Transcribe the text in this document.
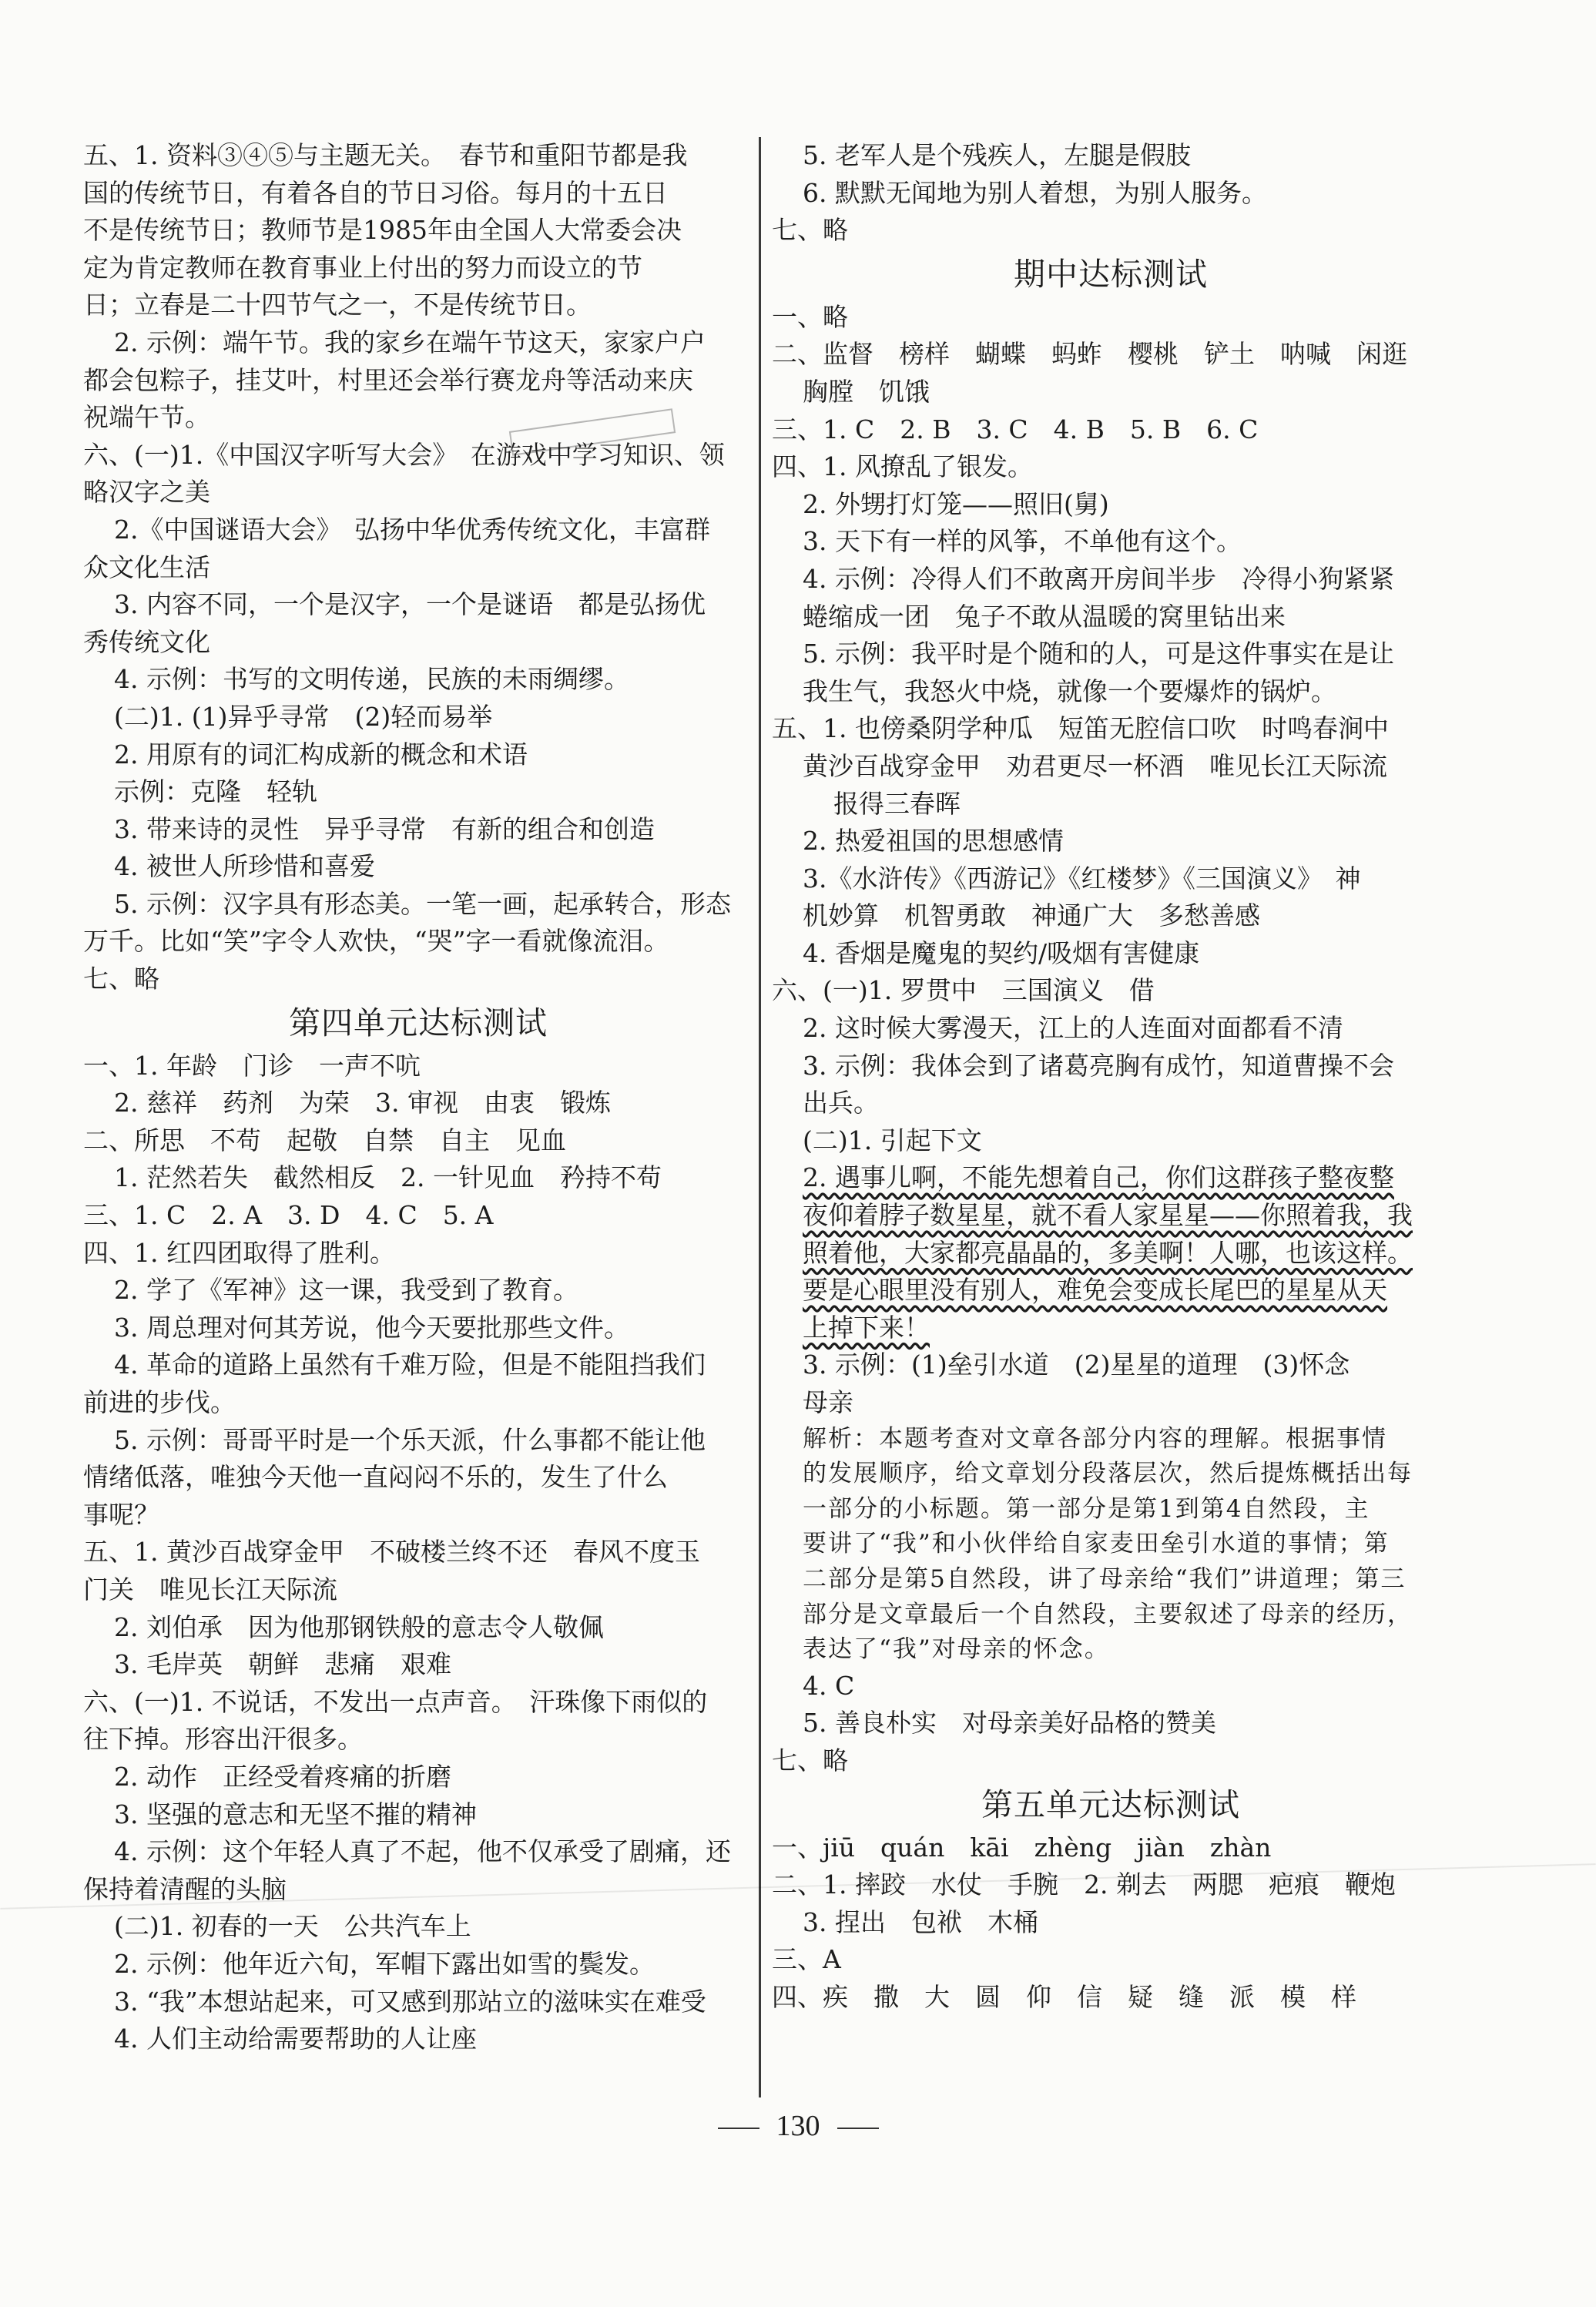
五、1. 资料③④⑤与主题无关。　春节和重阳节都是我
国的传统节日，有着各自的节日习俗。每月的十五日
不是传统节日；教师节是1985年由全国人大常委会决
定为肯定教师在教育事业上付出的努力而设立的节
日；立春是二十四节气之一，不是传统节日。
2. 示例：端午节。我的家乡在端午节这天，家家户户
都会包粽子，挂艾叶，村里还会举行赛龙舟等活动来庆
祝端午节。
六、(一)1.《中国汉字听写大会》　在游戏中学习知识、领
略汉字之美
2.《中国谜语大会》　弘扬中华优秀传统文化，丰富群
众文化生活
3. 内容不同，一个是汉字，一个是谜语　都是弘扬优
秀传统文化
4. 示例：书写的文明传递，民族的未雨绸缪。
(二)1. (1)异乎寻常　(2)轻而易举
2. 用原有的词汇构成新的概念和术语
示例：克隆　轻轨
3. 带来诗的灵性　异乎寻常　有新的组合和创造
4. 被世人所珍惜和喜爱
5. 示例：汉字具有形态美。一笔一画，起承转合，形态
万千。比如“笑”字令人欢快，“哭”字一看就像流泪。
七、略
第四单元达标测试
一、1. 年龄　门诊　一声不吭
2. 慈祥　药剂　为荣　3. 审视　由衷　锻炼
二、所思　不苟　起敬　自禁　自主　见血
1. 茫然若失　截然相反　2. 一针见血　矜持不苟
三、1. C　2. A　3. D　4. C　5. A
四、1. 红四团取得了胜利。
2. 学了《军神》这一课，我受到了教育。
3. 周总理对何其芳说，他今天要批那些文件。
4. 革命的道路上虽然有千难万险，但是不能阻挡我们
前进的步伐。
5. 示例：哥哥平时是一个乐天派，什么事都不能让他
情绪低落，唯独今天他一直闷闷不乐的，发生了什么
事呢？
五、1. 黄沙百战穿金甲　不破楼兰终不还　春风不度玉
门关　唯见长江天际流
2. 刘伯承　因为他那钢铁般的意志令人敬佩
3. 毛岸英　朝鲜　悲痛　艰难
六、(一)1. 不说话，不发出一点声音。　汗珠像下雨似的
往下掉。形容出汗很多。
2. 动作　正经受着疼痛的折磨
3. 坚强的意志和无坚不摧的精神
4. 示例：这个年轻人真了不起，他不仅承受了剧痛，还
保持着清醒的头脑
(二)1. 初春的一天　公共汽车上
2. 示例：他年近六旬，军帽下露出如雪的鬓发。
3. “我”本想站起来，可又感到那站立的滋味实在难受
4. 人们主动给需要帮助的人让座
5. 老军人是个残疾人，左腿是假肢
6. 默默无闻地为别人着想，为别人服务。
七、略
期中达标测试
一、略
二、监督　榜样　蝴蝶　蚂蚱　樱桃　铲土　呐喊　闲逛
胸膛　饥饿
三、1. C　2. B　3. C　4. B　5. B　6. C
四、1. 风撩乱了银发。
2. 外甥打灯笼——照旧(舅)
3. 天下有一样的风筝，不单他有这个。
4. 示例：冷得人们不敢离开房间半步　冷得小狗紧紧
蜷缩成一团　兔子不敢从温暖的窝里钻出来
5. 示例：我平时是个随和的人，可是这件事实在是让
我生气，我怒火中烧，就像一个要爆炸的锅炉。
五、1. 也傍桑阴学种瓜　短笛无腔信口吹　时鸣春涧中
黄沙百战穿金甲　劝君更尽一杯酒　唯见长江天际流
报得三春晖
2. 热爱祖国的思想感情
3.《水浒传》《西游记》《红楼梦》《三国演义》　神
机妙算　机智勇敢　神通广大　多愁善感
4. 香烟是魔鬼的契约/吸烟有害健康
六、(一)1. 罗贯中　三国演义　借
2. 这时候大雾漫天，江上的人连面对面都看不清
3. 示例：我体会到了诸葛亮胸有成竹，知道曹操不会
出兵。
(二)1. 引起下文
2. 遇事儿啊，不能先想着自己，你们这群孩子整夜整
夜仰着脖子数星星，就不看人家星星——你照着我，我
照着他，大家都亮晶晶的，多美啊！人哪，也该这样。
要是心眼里没有别人，难免会变成长尾巴的星星从天
上掉下来！
3. 示例：(1)垒引水道　(2)星星的道理　(3)怀念
母亲
解析：本题考查对文章各部分内容的理解。根据事情
的发展顺序，给文章划分段落层次，然后提炼概括出每
一部分的小标题。第一部分是第1到第4自然段，主
要讲了“我”和小伙伴给自家麦田垒引水道的事情；第
二部分是第5自然段，讲了母亲给“我们”讲道理；第三
部分是文章最后一个自然段，主要叙述了母亲的经历，
表达了“我”对母亲的怀念。
4. C
5. 善良朴实　对母亲美好品格的赞美
七、略
第五单元达标测试
一、jiū　quán　kāi　zhèng　jiàn　zhàn
二、1. 摔跤　水仗　手腕　2. 剃去　两腮　疤痕　鞭炮
3. 捏出　包袱　木桶
三、A
四、疾　撒　大　圆　仰　信　疑　缝　派　模　样
130
